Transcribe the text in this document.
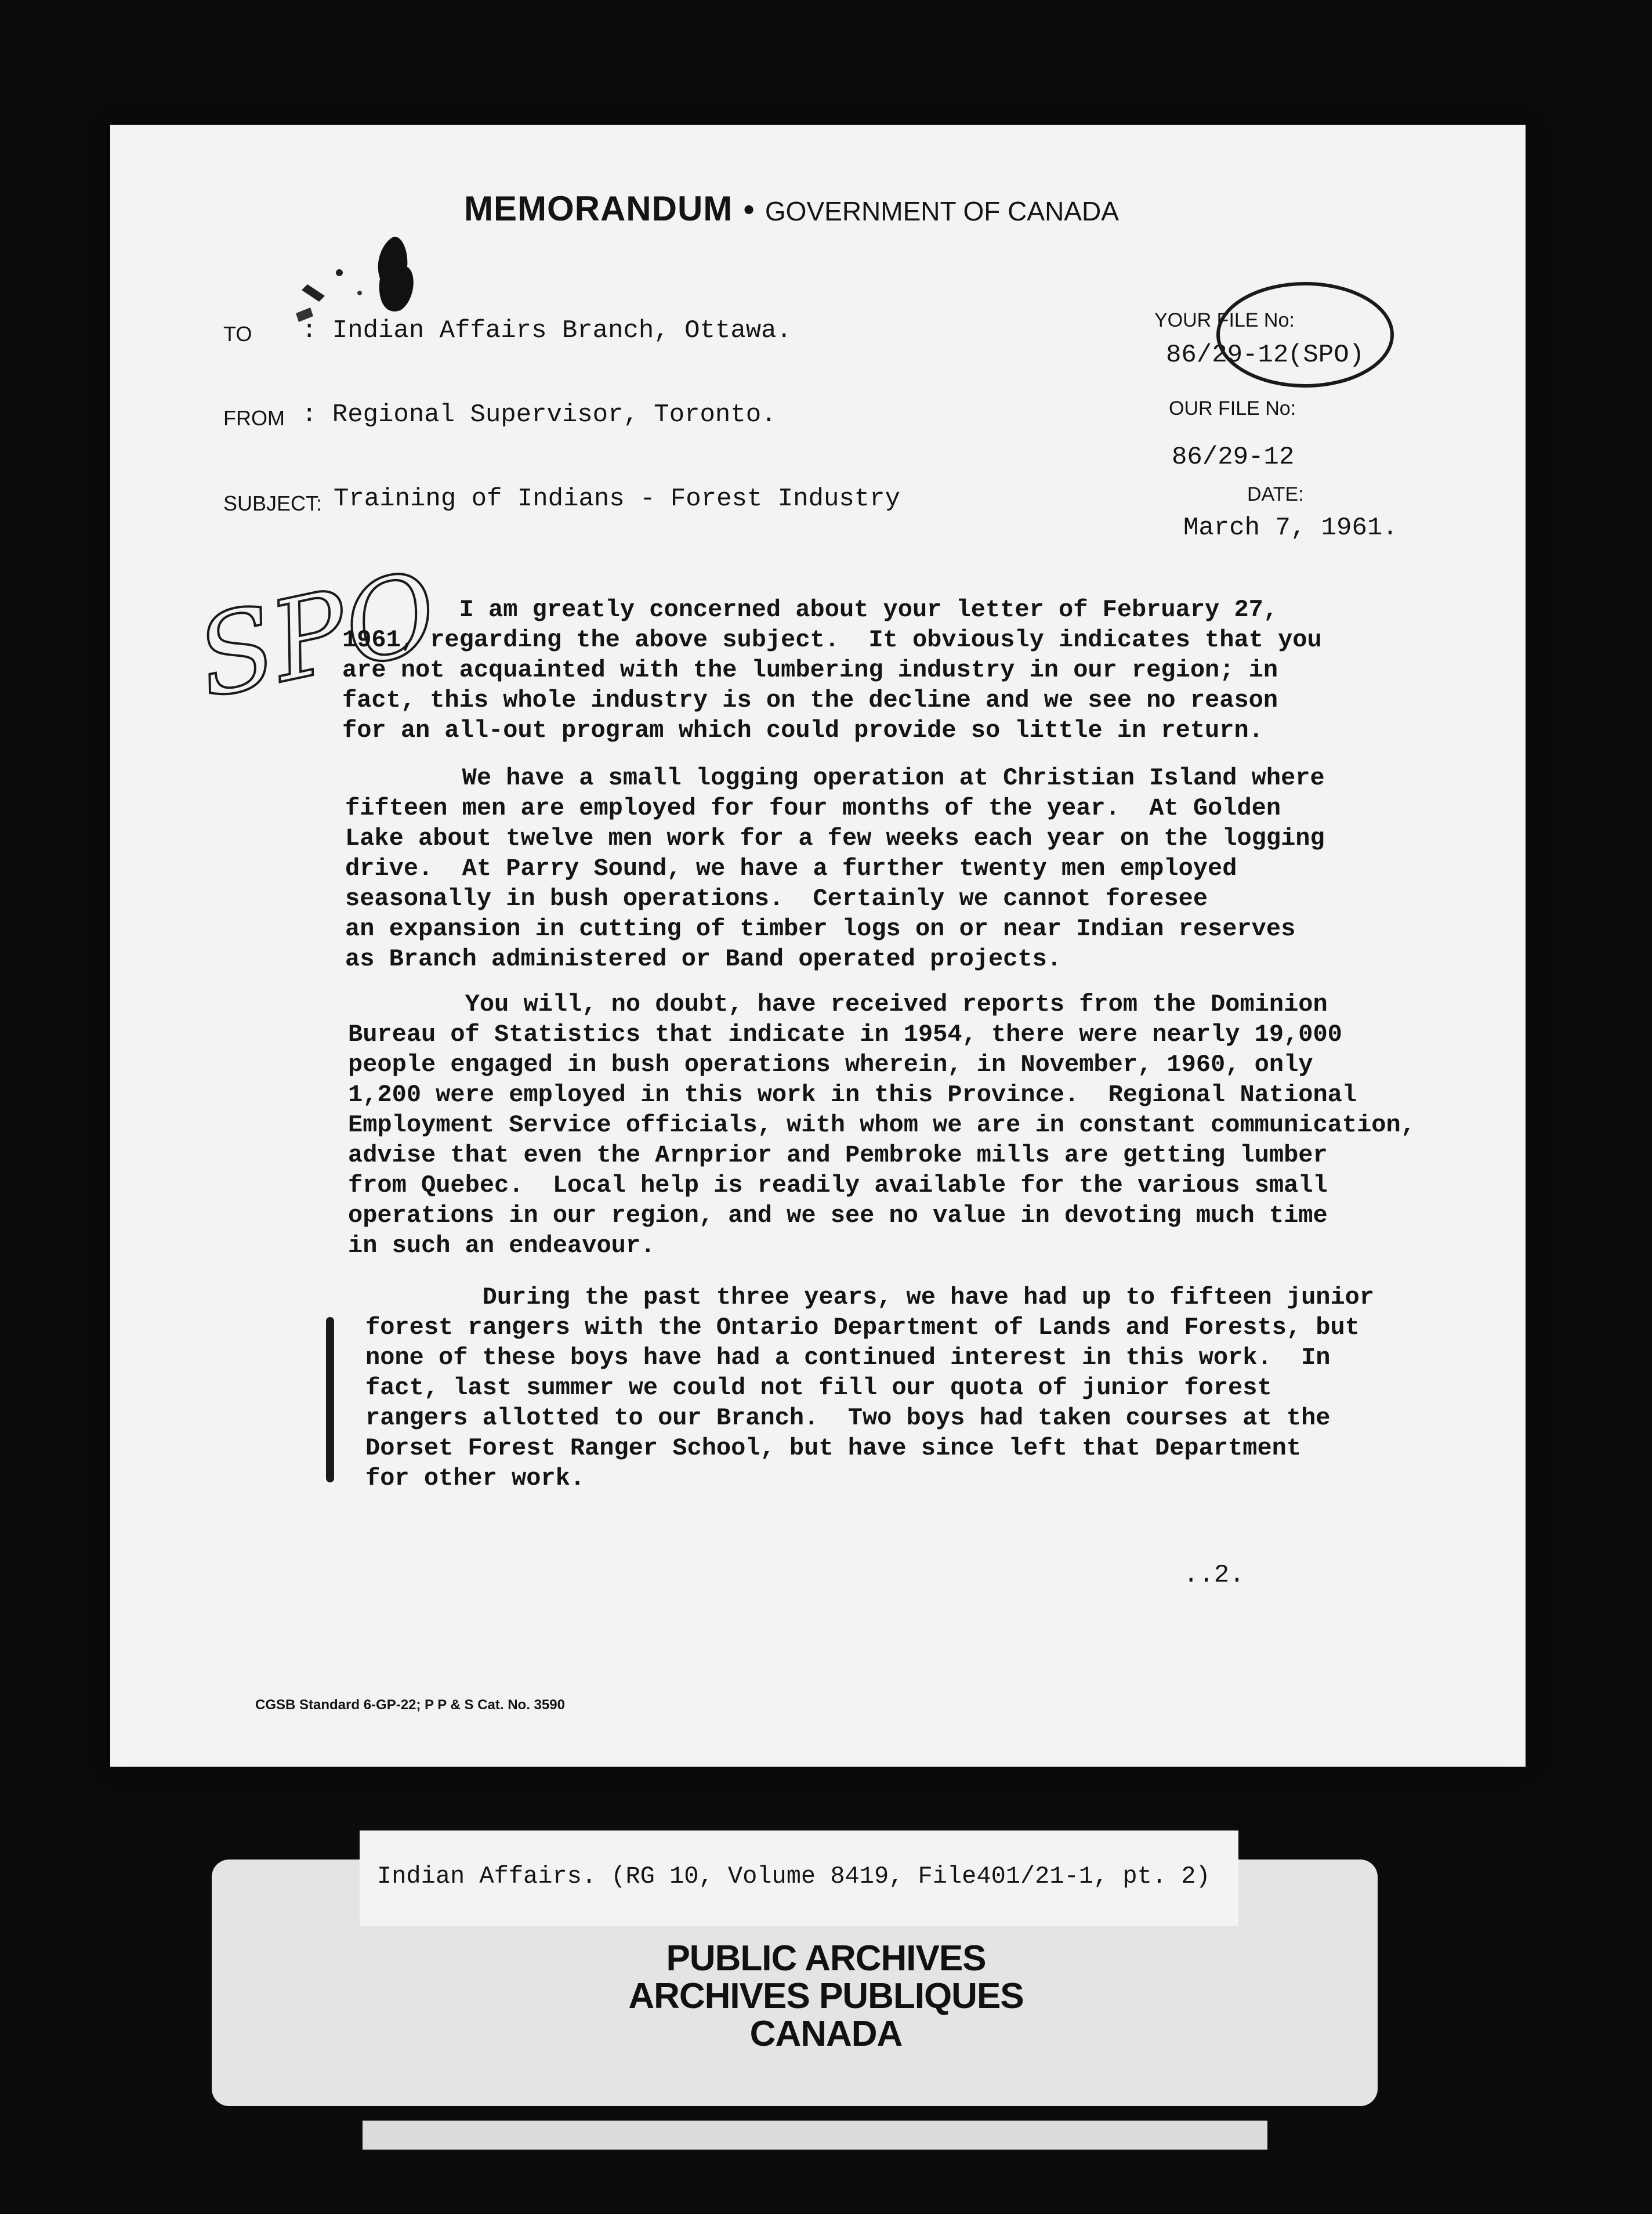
MEMORANDUM • GOVERNMENT OF CANADA
TO : Indian Affairs Branch, Ottawa.
FROM : Regional Supervisor, Toronto.
SUBJECT: Training of Indians - Forest Industry
YOUR FILE No:
86/29-12
(SPO)
OUR FILE No:
86/29-12
DATE:
March 7, 1961.
SPO I am greatly concerned about your letter of February 27,
1961, regarding the above subject.  It obviously indicates that you
are not acquainted with the lumbering industry in our region; in
fact, this whole industry is on the decline and we see no reason
for an all-out program which could provide so little in return.
We have a small logging operation at Christian Island where
fifteen men are employed for four months of the year.  At Golden
Lake about twelve men work for a few weeks each year on the logging
drive.  At Parry Sound, we have a further twenty men employed
seasonally in bush operations.  Certainly we cannot foresee
an expansion in cutting of timber logs on or near Indian reserves
as Branch administered or Band operated projects.
You will, no doubt, have received reports from the Dominion
Bureau of Statistics that indicate in 1954, there were nearly 19,000
people engaged in bush operations wherein, in November, 1960, only
1,200 were employed in this work in this Province.  Regional National
Employment Service officials, with whom we are in constant communication,
advise that even the Arnprior and Pembroke mills are getting lumber
from Quebec.  Local help is readily available for the various small
operations in our region, and we see no value in devoting much time
in such an endeavour.
During the past three years, we have had up to fifteen junior
forest rangers with the Ontario Department of Lands and Forests, but
none of these boys have had a continued interest in this work.  In
fact, last summer we could not fill our quota of junior forest
rangers allotted to our Branch.  Two boys had taken courses at the
Dorset Forest Ranger School, but have since left that Department
for other work.
..2.
CGSB Standard 6-GP-22; P P & S Cat. No. 3590
Indian Affairs. (RG 10, Volume 8419, File401/21-1, pt. 2)
PUBLIC ARCHIVES
ARCHIVES PUBLIQUES
CANADA
